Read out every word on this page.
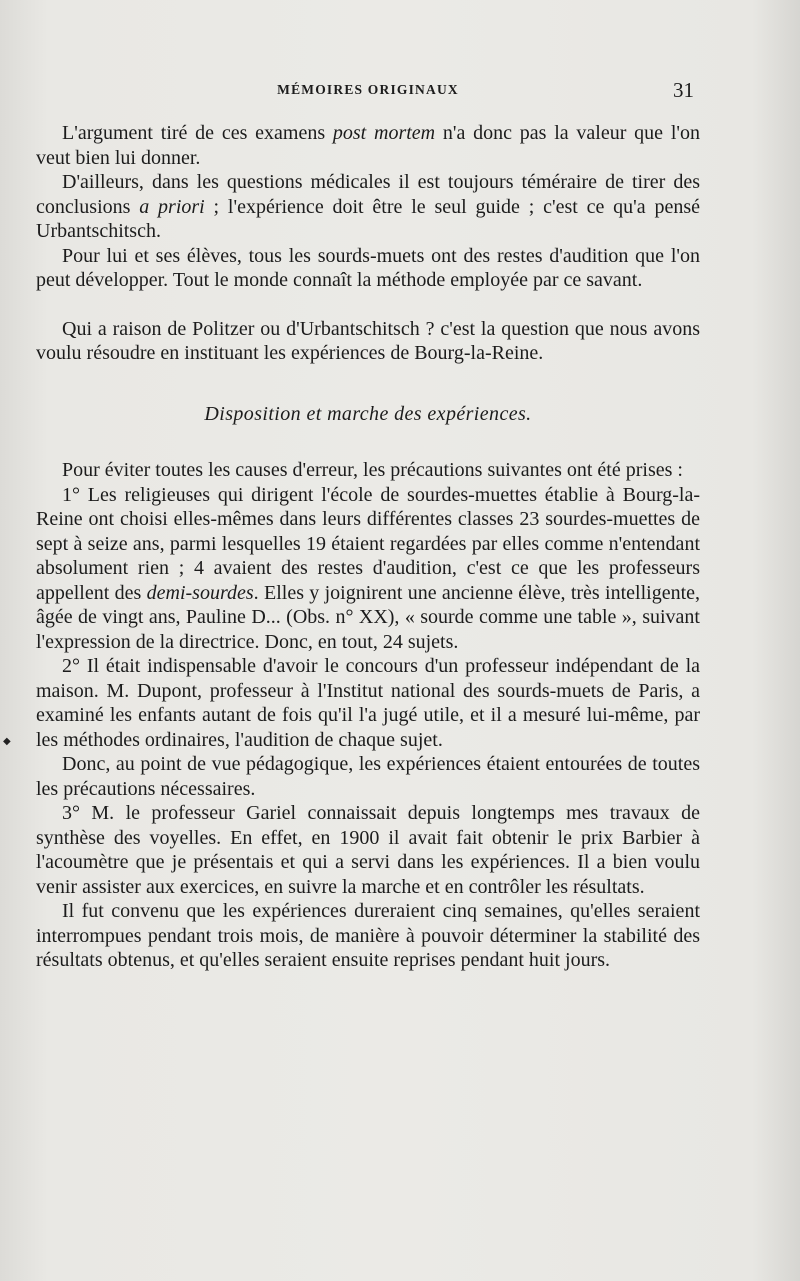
MÉMOIRES ORIGINAUX	31
◆

L'argument tiré de ces examens post mortem n'a donc pas la valeur que l'on veut bien lui donner.

D'ailleurs, dans les questions médicales il est toujours téméraire de tirer des conclusions a priori ; l'expérience doit être le seul guide ; c'est ce qu'a pensé Urbantschitsch.

Pour lui et ses élèves, tous les sourds-muets ont des restes d'audition que l'on peut développer. Tout le monde connaît la méthode employée par ce savant.

Qui a raison de Politzer ou d'Urbantschitsch ? c'est la question que nous avons voulu résoudre en instituant les expériences de Bourg-la-Reine.

Disposition et marche des expériences.

Pour éviter toutes les causes d'erreur, les précautions suivantes ont été prises :

1° Les religieuses qui dirigent l'école de sourdes-muettes établie à Bourg-la-Reine ont choisi elles-mêmes dans leurs différentes classes 23 sourdes-muettes de sept à seize ans, parmi lesquelles 19 étaient regardées par elles comme n'entendant absolument rien ; 4 avaient des restes d'audition, c'est ce que les professeurs appellent des demi-sourdes. Elles y joignirent une ancienne élève, très intelligente, âgée de vingt ans, Pauline D... (Obs. n° XX), « sourde comme une table », suivant l'expression de la directrice. Donc, en tout, 24 sujets.

2° Il était indispensable d'avoir le concours d'un professeur indépendant de la maison. M. Dupont, professeur à l'Institut national des sourds-muets de Paris, a examiné les enfants autant de fois qu'il l'a jugé utile, et il a mesuré lui-même, par les méthodes ordinaires, l'audition de chaque sujet.

Donc, au point de vue pédagogique, les expériences étaient entourées de toutes les précautions nécessaires.

3° M. le professeur Gariel connaissait depuis longtemps mes travaux de synthèse des voyelles. En effet, en 1900 il avait fait obtenir le prix Barbier à l'acoumètre que je présentais et qui a servi dans les expériences. Il a bien voulu venir assister aux exercices, en suivre la marche et en contrôler les résultats.

Il fut convenu que les expériences dureraient cinq semaines, qu'elles seraient interrompues pendant trois mois, de manière à pouvoir déterminer la stabilité des résultats obtenus, et qu'elles seraient ensuite reprises pendant huit jours.
